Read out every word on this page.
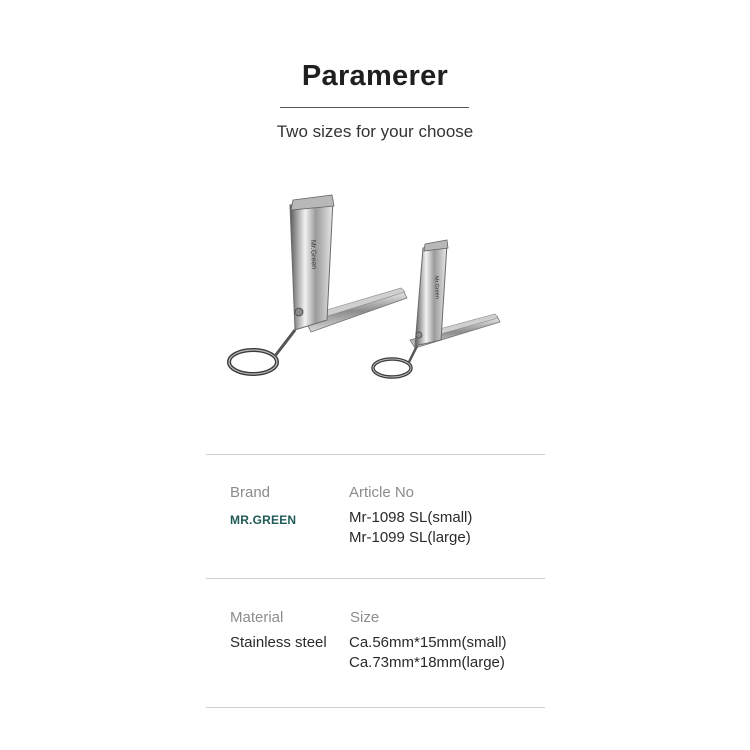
Paramerer
Two sizes for your choose
Mr.Green
Mr.Green
Brand
MR.GREEN
Article No
Mr-1098 SL(small)
Mr-1099 SL(large)
Material
Stainless steel
Size
Ca.56mm*15mm(small)
Ca.73mm*18mm(large)
